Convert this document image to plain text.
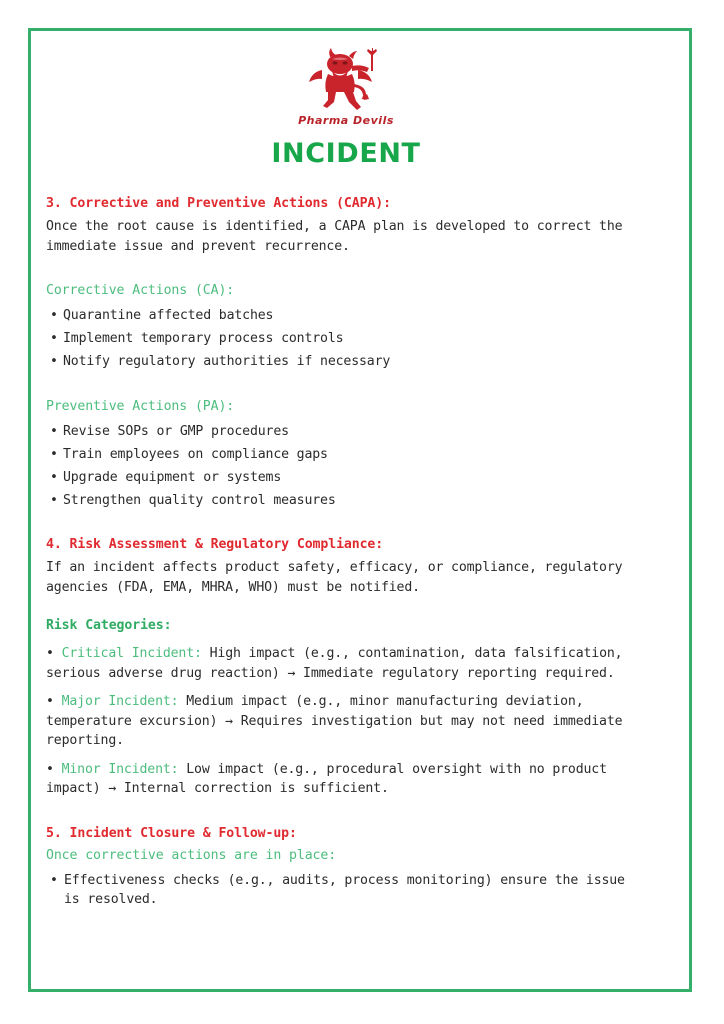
Pharma Devils
INCIDENT
3. Corrective and Preventive Actions (CAPA):
Once the root cause is identified, a CAPA plan is developed to correct the immediate issue and prevent recurrence.
Corrective Actions (CA):
• Quarantine affected batches
• Implement temporary process controls
• Notify regulatory authorities if necessary
Preventive Actions (PA):
• Revise SOPs or GMP procedures
• Train employees on compliance gaps
• Upgrade equipment or systems
• Strengthen quality control measures
4. Risk Assessment & Regulatory Compliance:
If an incident affects product safety, efficacy, or compliance, regulatory agencies (FDA, EMA, MHRA, WHO) must be notified.
Risk Categories:
• Critical Incident: High impact (e.g., contamination, data falsification, serious adverse drug reaction) → Immediate regulatory reporting required.
• Major Incident: Medium impact (e.g., minor manufacturing deviation, temperature excursion) → Requires investigation but may not need immediate reporting.
• Minor Incident: Low impact (e.g., procedural oversight with no product impact) → Internal correction is sufficient.
5. Incident Closure & Follow-up:
Once corrective actions are in place:
• Effectiveness checks (e.g., audits, process monitoring) ensure the issue is resolved.
